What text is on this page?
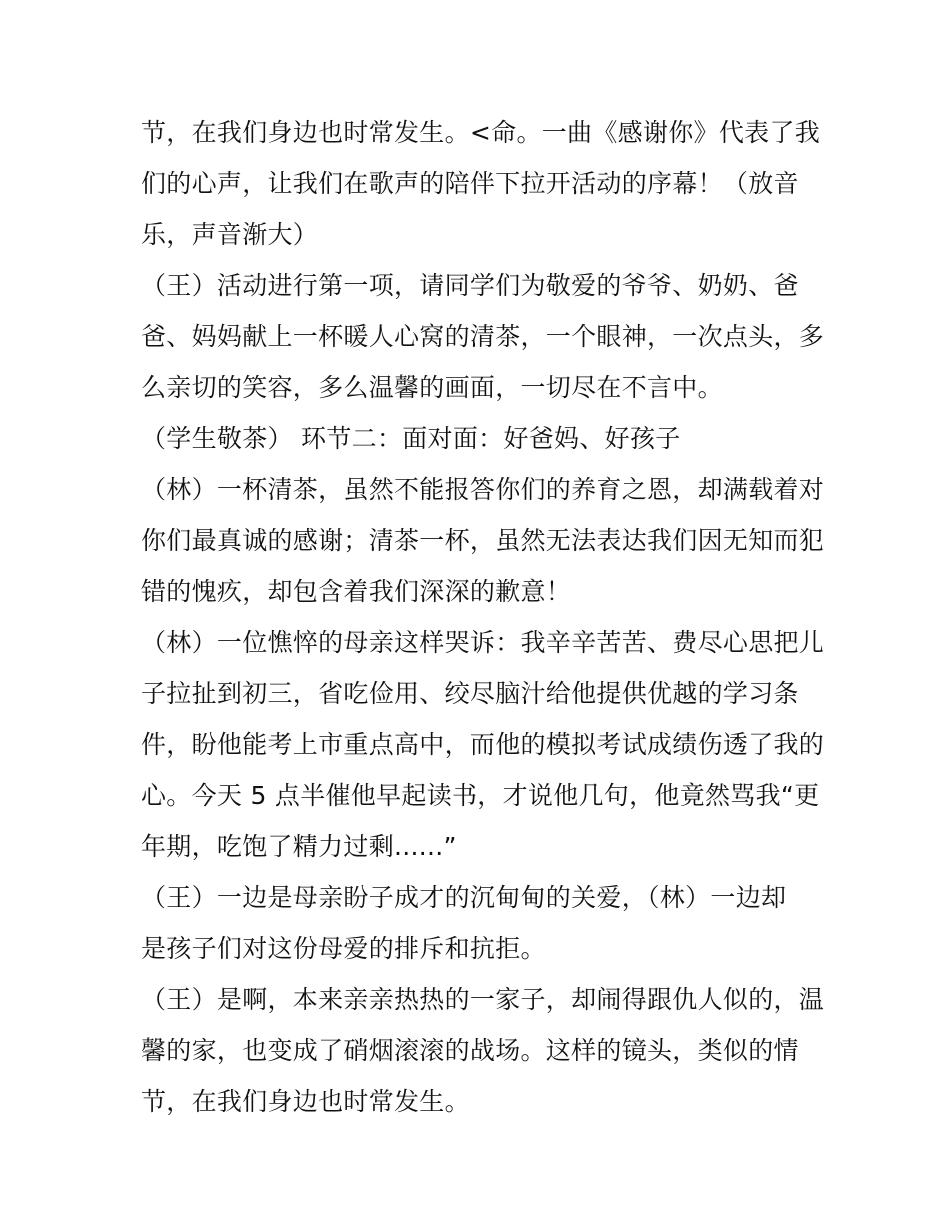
节，在我们身边也时常发生。<命。一曲《感谢你》代表了我
们的心声，让我们在歌声的陪伴下拉开活动的序幕！（放音
乐，声音渐大）
（王）活动进行第一项，请同学们为敬爱的爷爷、奶奶、爸
爸、妈妈献上一杯暖人心窝的清茶，一个眼神，一次点头，多
么亲切的笑容，多么温馨的画面，一切尽在不言中。
（学生敬茶） 环节二：面对面：好爸妈、好孩子
（林）一杯清茶，虽然不能报答你们的养育之恩，却满载着对
你们最真诚的感谢；清茶一杯，虽然无法表达我们因无知而犯
错的愧疚，却包含着我们深深的歉意！
（林）一位憔悴的母亲这样哭诉：我辛辛苦苦、费尽心思把儿
子拉扯到初三，省吃俭用、绞尽脑汁给他提供优越的学习条
件，盼他能考上市重点高中，而他的模拟考试成绩伤透了我的
心。今天 5 点半催他早起读书，才说他几句，他竟然骂我“更
年期，吃饱了精力过剩......”
（王）一边是母亲盼子成才的沉甸甸的关爱，（林）一边却
是孩子们对这份母爱的排斥和抗拒。
（王）是啊，本来亲亲热热的一家子，却闹得跟仇人似的，温
馨的家，也变成了硝烟滚滚的战场。这样的镜头，类似的情
节，在我们身边也时常发生。
